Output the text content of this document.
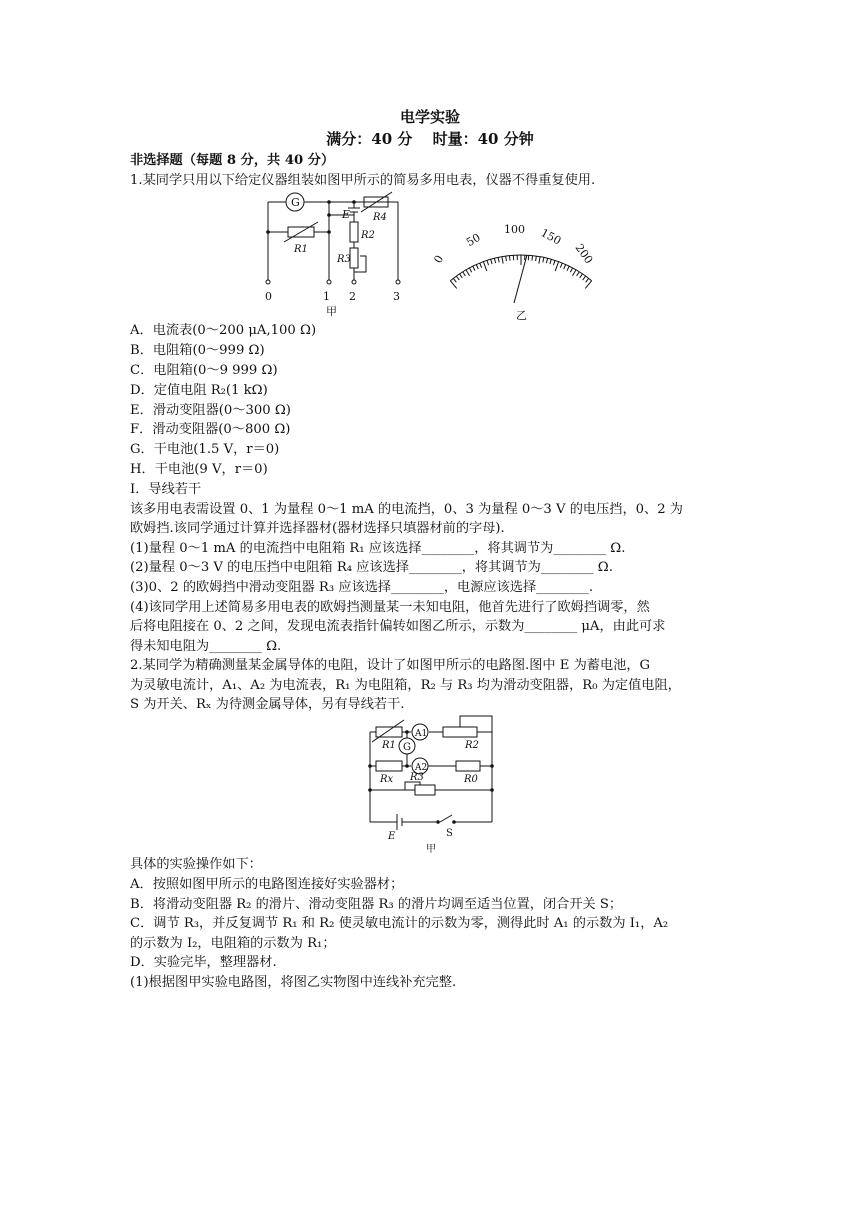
电学实验
满分：40 分　 时量：40 分钟
非选择题（每题 8 分，共 40 分）
1.某同学只用以下给定仪器组装如图甲所示的简易多用电表，仪器不得重复使用.
G
E
R1
R2
R3
R4
0	1 2	3
甲
0
50
100 150
200
乙
A．电流表(0～200 μA,100 Ω)
B．电阻箱(0～999 Ω)
C．电阻箱(0～9 999 Ω)
D．定值电阻 R₂(1 kΩ)
E．滑动变阻器(0～300 Ω)
F．滑动变阻器(0～800 Ω)
G．干电池(1.5 V，r＝0)
H．干电池(9 V，r＝0)
I．导线若干
该多用电表需设置 0、1 为量程 0～1 mA 的电流挡，0、3 为量程 0～3 V 的电压挡，0、2 为
欧姆挡.该同学通过计算并选择器材(器材选择只填器材前的字母).
(1)量程 0～1 mA 的电流挡中电阻箱 R₁ 应该选择________，将其调节为________ Ω.
(2)量程 0～3 V 的电压挡中电阻箱 R₄ 应该选择________，将其调节为________ Ω.
(3)0、2 的欧姆挡中滑动变阻器 R₃ 应该选择________，电源应该选择________.
(4)该同学用上述简易多用电表的欧姆挡测量某一未知电阻，他首先进行了欧姆挡调零，然
后将电阻接在 0、2 之间，发现电流表指针偏转如图乙所示，示数为________ μA，由此可求
得未知电阻为________ Ω.
2.某同学为精确测量某金属导体的电阻，设计了如图甲所示的电路图.图中 E 为蓄电池，G
为灵敏电流计，A₁、A₂ 为电流表，R₁ 为电阻箱，R₂ 与 R₃ 均为滑动变阻器，R₀ 为定值电阻，
S 为开关、Rₓ 为待测金属导体，另有导线若干.
R1 G
A1
R2
Rx
A2
R0
R3
E	S
甲
具体的实验操作如下：
A．按照如图甲所示的电路图连接好实验器材；
B．将滑动变阻器 R₂ 的滑片、滑动变阻器 R₃ 的滑片均调至适当位置，闭合开关 S；
C．调节 R₃，并反复调节 R₁ 和 R₂ 使灵敏电流计的示数为零，测得此时 A₁ 的示数为 I₁，A₂
的示数为 I₂，电阻箱的示数为 R₁；
D．实验完毕，整理器材.
(1)根据图甲实验电路图，将图乙实物图中连线补充完整.
